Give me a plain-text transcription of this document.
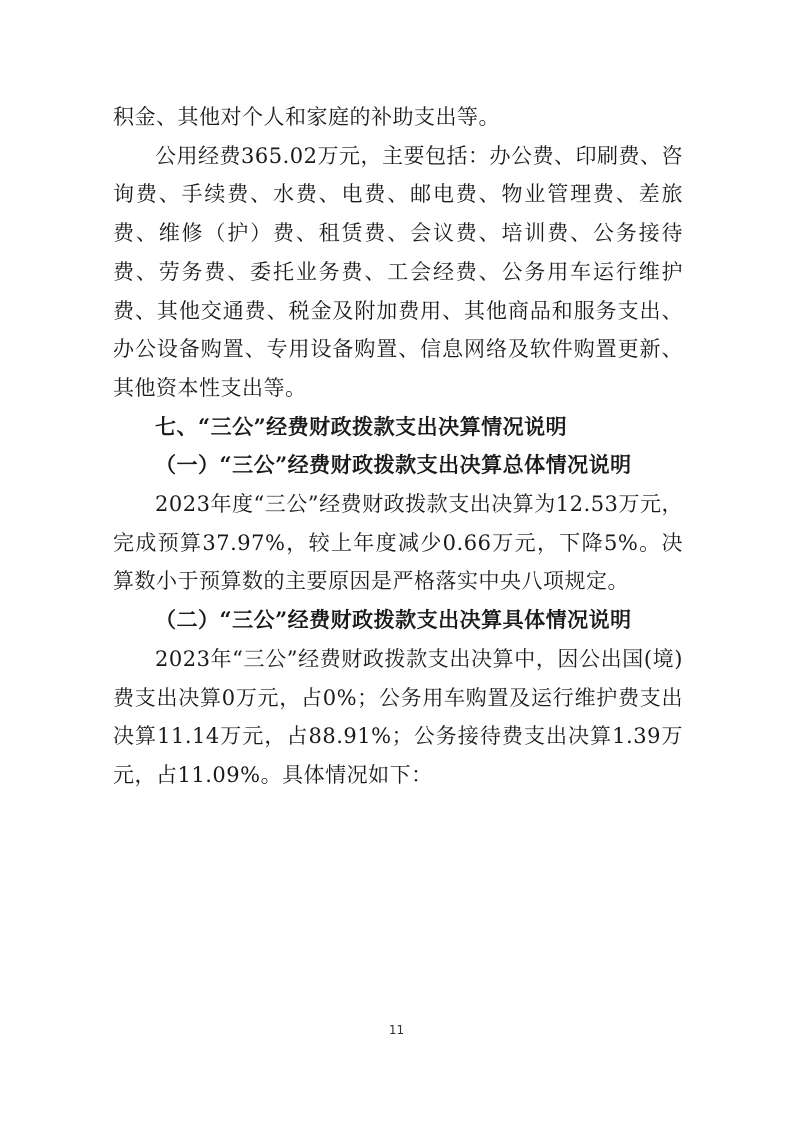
积金、其他对个人和家庭的补助支出等。

公用经费365.02万元，主要包括：办公费、印刷费、咨询费、手续费、水费、电费、邮电费、物业管理费、差旅费、维修（护）费、租赁费、会议费、培训费、公务接待费、劳务费、委托业务费、工会经费、公务用车运行维护费、其他交通费、税金及附加费用、其他商品和服务支出、办公设备购置、专用设备购置、信息网络及软件购置更新、其他资本性支出等。

七、“三公”经费财政拨款支出决算情况说明

（一）“三公”经费财政拨款支出决算总体情况说明

2023年度“三公”经费财政拨款支出决算为12.53万元，完成预算37.97%，较上年度减少0.66万元，下降5%。决算数小于预算数的主要原因是严格落实中央八项规定。

（二）“三公”经费财政拨款支出决算具体情况说明

2023年“三公”经费财政拨款支出决算中，因公出国(境)费支出决算0万元，占0%；公务用车购置及运行维护费支出决算11.14万元，占88.91%；公务接待费支出决算1.39万元，占11.09%。具体情况如下：

11
